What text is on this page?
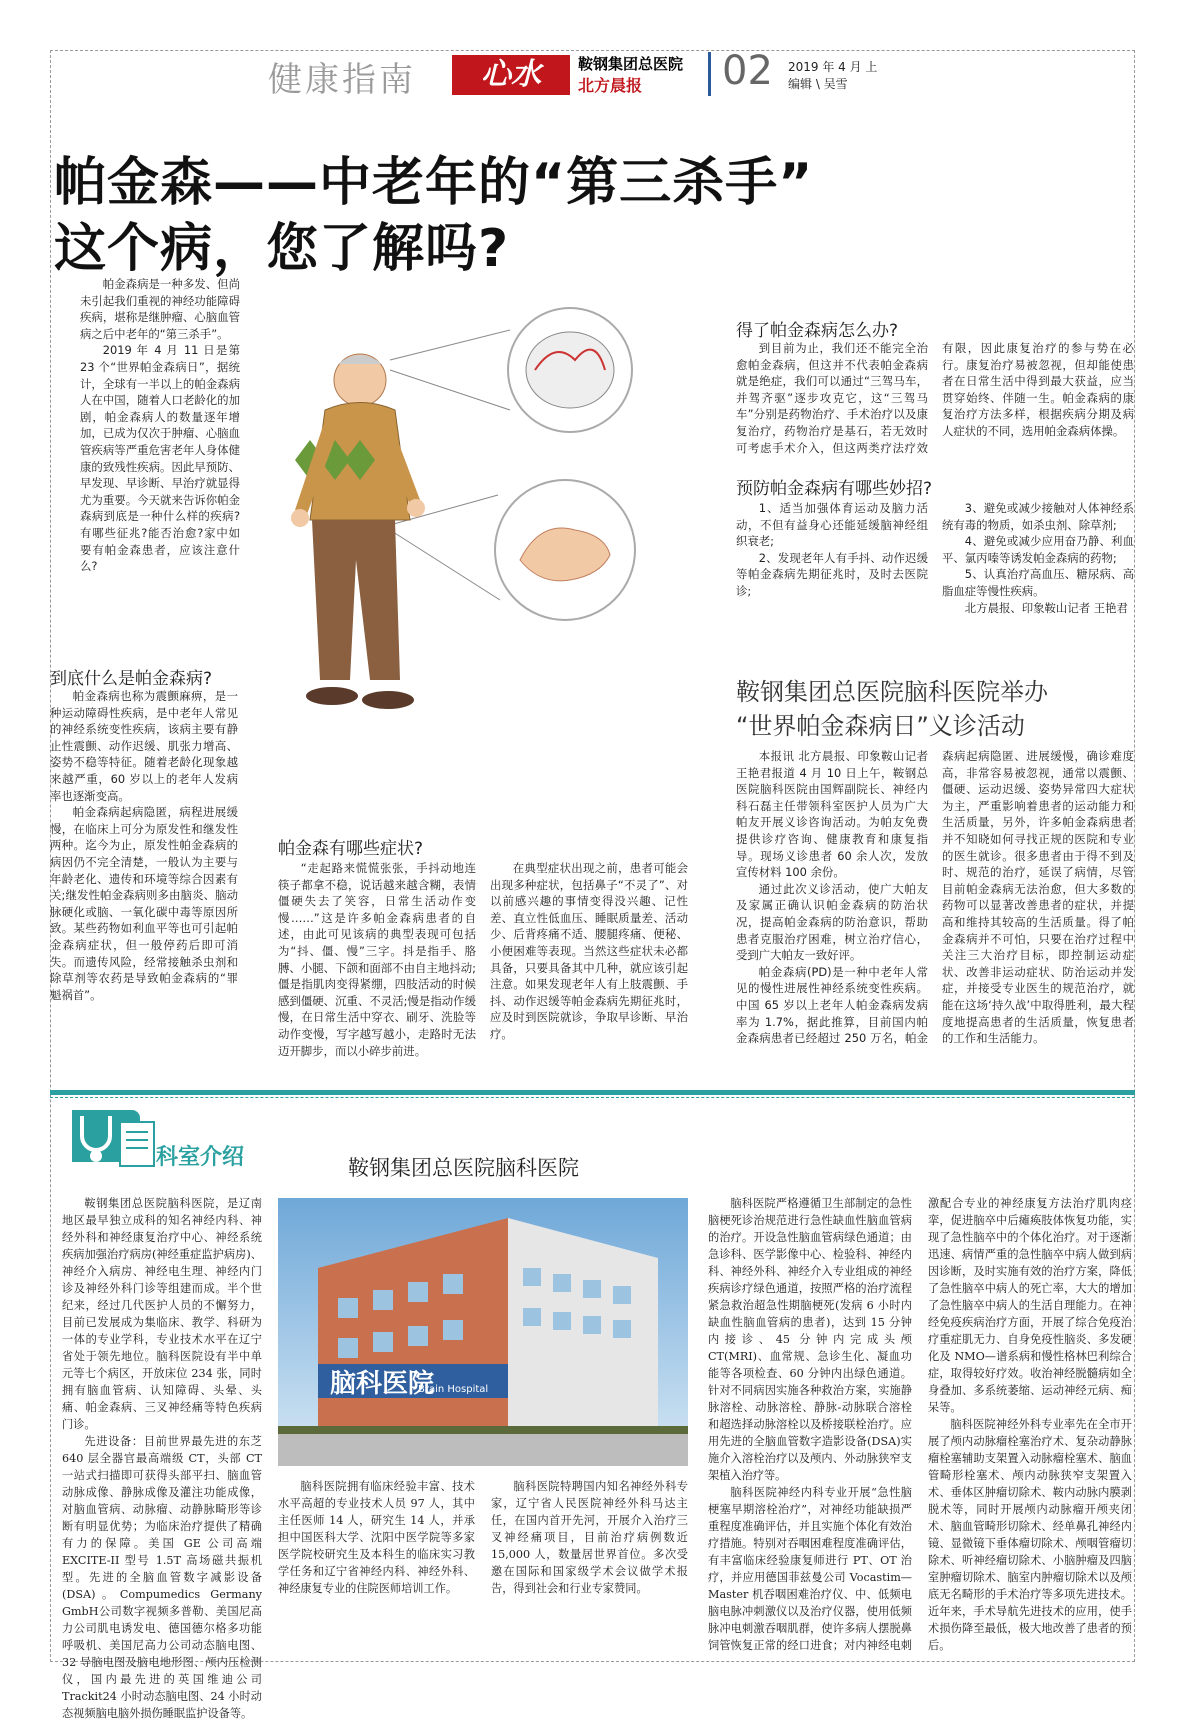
健康指南	心水	鞍钢集团总医院
北方晨报 02 2019 年 4 月 上
编辑 \ 吴雪
帕金森——中老年的“第三杀手”
这个病，您了解吗?

帕金森病是一种多发、但尚未引起我们重视的神经功能障碍疾病，堪称是继肿瘤、心脑血管病之后中老年的“第三杀手”。

2019 年 4 月 11 日是第 23 个“世界帕金森病日”，据统计，全球有一半以上的帕金森病人在中国，随着人口老龄化的加剧，帕金森病人的数量逐年增加，已成为仅次于肿瘤、心脑血管疾病等严重危害老年人身体健康的致残性疾病。因此早预防、早发现、早诊断、早治疗就显得尤为重要。今天就来告诉你帕金森病到底是一种什么样的疾病?有哪些征兆?能否治愈?家中如要有帕金森患者，应该注意什么?

到底什么是帕金森病?

帕金森病也称为震颤麻痹，是一种运动障碍性疾病，是中老年人常见的神经系统变性疾病，该病主要有静止性震颤、动作迟缓、肌张力增高、姿势不稳等特征。随着老龄化现象越来越严重，60 岁以上的老年人发病率也逐渐变高。

帕金森病起病隐匿，病程进展缓慢，在临床上可分为原发性和继发性两种。迄今为止，原发性帕金森病的病因仍不完全清楚，一般认为主要与年龄老化、遗传和环境等综合因素有关;继发性帕金森病则多由脑炎、脑动脉硬化或脑、一氧化碳中毒等原因所致。某些药物如利血平等也可引起帕金森病症状，但一般停药后即可消失。而遗传风险，经常接触杀虫剂和除草剂等农药是导致帕金森病的“罪魁祸首”。

帕金森有哪些症状?

“走起路来慌慌张张，手抖动地连筷子都拿不稳，说话越来越含糊，表情僵硬失去了笑容，日常生活动作变慢……”这是许多帕金森病患者的自述，由此可见该病的典型表现可包括为“抖、僵、慢”三字。抖是指手、胳膊、小腿、下颌和面部不由自主地抖动;僵是指肌肉变得紧绷，四肢活动的时候感到僵硬、沉重、不灵活;慢是指动作缓慢，在日常生活中穿衣、刷牙、洗脸等动作变慢，写字越写越小，走路时无法迈开脚步，而以小碎步前进。

在典型症状出现之前，患者可能会出现多种症状，包括鼻子“不灵了”、对以前感兴趣的事情变得没兴趣、记性差、直立性低血压、睡眠质量差、活动少、后背疼痛不适、腰腿疼痛、便秘、小便困难等表现。当然这些症状未必都具备，只要具备其中几种，就应该引起注意。如果发现老年人有上肢震颤、手抖、动作迟缓等帕金森病先期征兆时，应及时到医院就诊，争取早诊断、早治疗。

得了帕金森病怎么办?

到目前为止，我们还不能完全治愈帕金森病，但这并不代表帕金森病就是绝症，我们可以通过“三驾马车，并驾齐驱”逐步攻克它，这“三驾马车”分别是药物治疗、手术治疗以及康复治疗，药物治疗是基石，若无效时可考虑手术介入，但这两类疗法疗效有限，因此康复治疗的参与势在必行。康复治疗易被忽视，但却能使患者在日常生活中得到最大获益，应当贯穿始终、伴随一生。帕金森病的康复治疗方法多样，根据疾病分期及病人症状的不同，选用帕金森病体操。

预防帕金森病有哪些妙招?

1、适当加强体育运动及脑力活动，不但有益身心还能延缓脑神经组织衰老;

2、发现老年人有手抖、动作迟缓等帕金森病先期征兆时，及时去医院诊;

3、避免或减少接触对人体神经系统有毒的物质，如杀虫剂、除草剂;

4、避免或减少应用奋乃静、利血平、氯丙嗪等诱发帕金森病的药物;

5、认真治疗高血压、糖尿病、高脂血症等慢性疾病。

北方晨报、印象鞍山记者 王艳君

鞍钢集团总医院脑科医院举办
“世界帕金森病日”义诊活动

本报讯 北方晨报、印象鞍山记者王艳君报道 4 月 10 日上午，鞍钢总医院脑科医院由国辉副院长、神经内科石磊主任带领科室医护人员为广大帕友开展义诊咨询活动。为帕友免费提供诊疗咨询、健康教育和康复指导。现场义诊患者 60 余人次，发放宣传材料 100 余份。

通过此次义诊活动，使广大帕友及家属正确认识帕金森病的防治状况，提高帕金森病的防治意识，帮助患者克服治疗困难，树立治疗信心，受到广大帕友一致好评。

帕金森病(PD)是一种中老年人常见的慢性进展性神经系统变性疾病。中国 65 岁以上老年人帕金森病发病率为 1.7%，据此推算，目前国内帕金森病患者已经超过 250 万名，帕金森病起病隐匿、进展缓慢，确诊难度高，非常容易被忽视，通常以震颤、僵硬、运动迟缓、姿势异常四大症状为主，严重影响着患者的运动能力和生活质量，另外，许多帕金森病患者并不知晓如何寻找正规的医院和专业的医生就诊。很多患者由于得不到及时、规范的治疗，延误了病情，尽管目前帕金森病无法治愈，但大多数的药物可以显著改善患者的症状，并提高和维持其较高的生活质量。得了帕金森病并不可怕，只要在治疗过程中关注三大治疗目标，即控制运动症状、改善非运动症状、防治运动并发症，并接受专业医生的规范治疗，就能在这场‘持久战’中取得胜利，最大程度地提高患者的生活质量，恢复患者的工作和生活能力。

科室介绍	鞍钢集团总医院脑科医院
脑科医院
Brain Hospital

鞍钢集团总医院脑科医院，是辽南地区最早独立成科的知名神经内科、神经外科和神经康复治疗中心、神经系统疾病加强治疗病房(神经重症监护病房)、神经介入病房、神经电生理、神经内门诊及神经外科门诊等组建而成。半个世纪来，经过几代医护人员的不懈努力，目前已发展成为集临床、教学、科研为一体的专业学科，专业技术水平在辽宁省处于领先地位。脑科医院设有半中单元等七个病区，开放床位 234 张，同时拥有脑血管病、认知障碍、头晕、头痛、帕金森病、三叉神经痛等特色疾病门诊。

先进设备：目前世界最先进的东芝 640 层全器官最高端级 CT，头部 CT 一站式扫描即可获得头部平扫、脑血管动脉成像、静脉成像及灌注功能成像，对脑血管病、动脉瘤、动静脉畸形等诊断有明显优势；为临床治疗提供了精确有力的保障。美国 GE 公司高端 EXCITE-II 型号 1.5T 高场磁共振机型。先进的全脑血管数字减影设备(DSA)。Compumedics Germany GmbH公司数字视频多普勒、美国尼高力公司肌电诱发电、德国德尔格多功能呼吸机、美国尼高力公司动态脑电图、32 导脑电图及脑电地形图、颅内压检测仪，国内最先进的英国维迪公司 Trackit24 小时动态脑电图、24 小时动态视频脑电脑外损伤睡眠监护设备等。

脑科医院拥有临床经验丰富、技术水平高超的专业技术人员 97 人，其中主任医师 14 人，研究生 14 人，并承担中国医科大学、沈阳中医学院等多家医学院校研究生及本科生的临床实习教学任务和辽宁省神经内科、神经外科、神经康复专业的住院医师培训工作。

脑科医院特聘国内知名神经外科专家，辽宁省人民医院神经外科马达主任，在国内首开先河，开展介入治疗三叉神经痛项目，目前治疗病例数近 15,000 人，数量居世界首位。多次受邀在国际和国家级学术会议做学术报告，得到社会和行业专家赞同。

脑科医院严格遵循卫生部制定的急性脑梗死诊治规范进行急性缺血性脑血管病的治疗。开设急性脑血管病绿色通道；由急诊科、医学影像中心、检验科、神经内科、神经外科、神经介入专业组成的神经疾病诊疗绿色通道，按照严格的治疗流程紧急救治超急性期脑梗死(发病 6 小时内缺血性脑血管病的患者)，达到 15 分钟内接诊、45 分钟内完成头颅 CT(MRI)、血常规、急诊生化、凝血功能等各项检查、60 分钟内出绿色通道。针对不同病因实施各种救治方案，实施静脉溶栓、动脉溶栓、静脉-动脉联合溶栓和超选择动脉溶栓以及桥接联栓治疗。应用先进的全脑血管数字造影设备(DSA)实施介入溶栓治疗以及颅内、外动脉狭窄支架植入治疗等。

脑科医院神经内科专业开展“急性脑梗塞早期溶栓治疗”，对神经功能缺损严重程度准确评估，并且实施个体化有效治疗措施。特别对吞咽困难程度准确评估，有丰富临床经验康复师进行 PT、OT 治疗，并应用德国菲兹曼公司 Vocastim—Master 机吞咽困难治疗仪、中、低频电脑电脉冲刺激仪以及治疗仪器，使用低频脉冲电刺激吞咽肌群，使许多病人摆脱鼻饲管恢复正常的经口进食；对内神经电刺激配合专业的神经康复方法治疗肌肉痉挛，促进脑卒中后瘫痪肢体恢复功能，实现了急性脑卒中的个体化治疗。对于逐渐迅速、病情严重的急性脑卒中病人做到病因诊断，及时实施有效的治疗方案，降低了急性脑卒中病人的死亡率，大大的增加了急性脑卒中病人的生活自理能力。在神经免疫疾病治疗方面，开展了综合免疫治疗重症肌无力、自身免疫性脑炎、多发硬化及 NMO—谱系病和慢性格林巴利综合症，取得较好疗效。收治神经脱髓病如全身叠加、多系统萎缩、运动神经元病、痴呆等。

脑科医院神经外科专业率先在全市开展了颅内动脉瘤栓塞治疗术、复杂动静脉瘤栓塞辅助支架置入动脉瘤栓塞术、脑血管畸形栓塞术、颅内动脉狭窄支架置入术、垂体区肿瘤切除术、鞍内动脉内膜剥脱术等，同时开展颅内动脉瘤开颅夹闭术、脑血管畸形切除术、经单鼻孔神经内镜、显微镜下垂体瘤切除术、颅咽管瘤切除术、听神经瘤切除术、小脑肿瘤及四脑室肿瘤切除术、脑室内肿瘤切除术以及颅底无名畸形的手术治疗等多项先进技术。近年来，手术导航先进技术的应用，使手术损伤降至最低，极大地改善了患者的预后。
